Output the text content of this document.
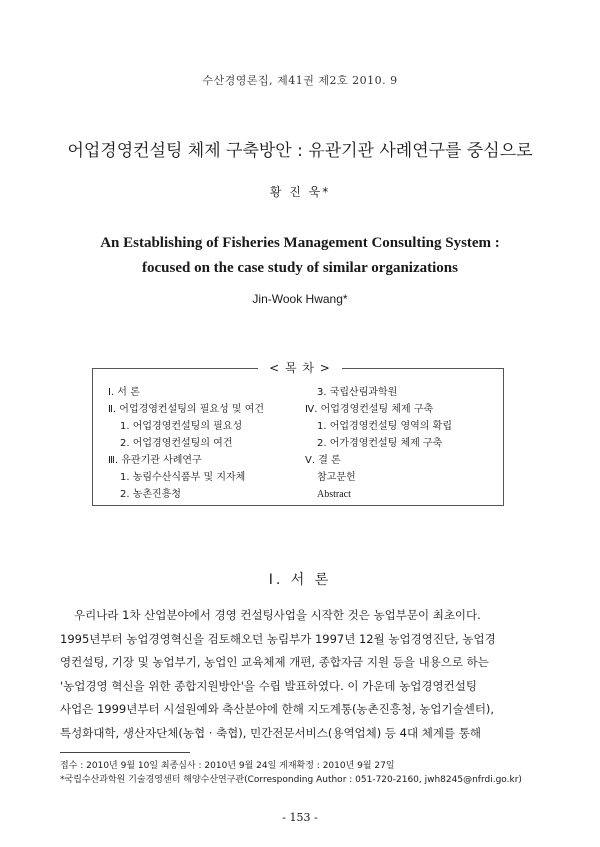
수산경영론집, 제41권 제2호 2010. 9
어업경영컨설팅 체제 구축방안 : 유관기관 사례연구를 중심으로
황 진 욱*
An Establishing of Fisheries Management Consulting System :
focused on the case study of similar organizations
Jin-Wook Hwang*
< 목 차 >
Ⅰ. 서 론
Ⅱ. 어업경영컨설팅의 필요성 및 여건
1. 어업경영컨설팅의 필요성
2. 어업경영컨설팅의 여건
Ⅲ. 유관기관 사례연구
1. 농림수산식품부 및 지자체
2. 농촌진흥청
3. 국립산림과학원
Ⅳ. 어업경영컨설팅 체제 구축
1. 어업경영컨설팅 영역의 확립
2. 어가경영컨설팅 체제 구축
Ⅴ. 결 론
참고문헌
Abstract
Ⅰ. 서 론
우리나라 1차 산업분야에서 경영 컨설팅사업을 시작한 것은 농업부문이 최초이다.
1995년부터 농업경영혁신을 검토해오던 농림부가 1997년 12월 농업경영진단, 농업경
영컨설팅, 기장 및 농업부기, 농업인 교육체제 개편, 종합자금 지원 등을 내용으로 하는
'농업경영 혁신을 위한 종합지원방안'을 수립 발표하였다. 이 가운데 농업경영컨설팅
사업은 1999년부터 시설원예와 축산분야에 한해 지도계통(농촌진흥청, 농업기술센터),
특성화대학, 생산자단체(농협 · 축협), 민간전문서비스(용역업체) 등 4대 체계를 통해
접수 : 2010년 9월 10일 최종심사 : 2010년 9월 24일 게재확정 : 2010년 9월 27일
*국립수산과학원 기술경영센터 해양수산연구관(Corresponding Author : 051-720-2160, jwh8245@nfrdi.go.kr)
- 153 -
